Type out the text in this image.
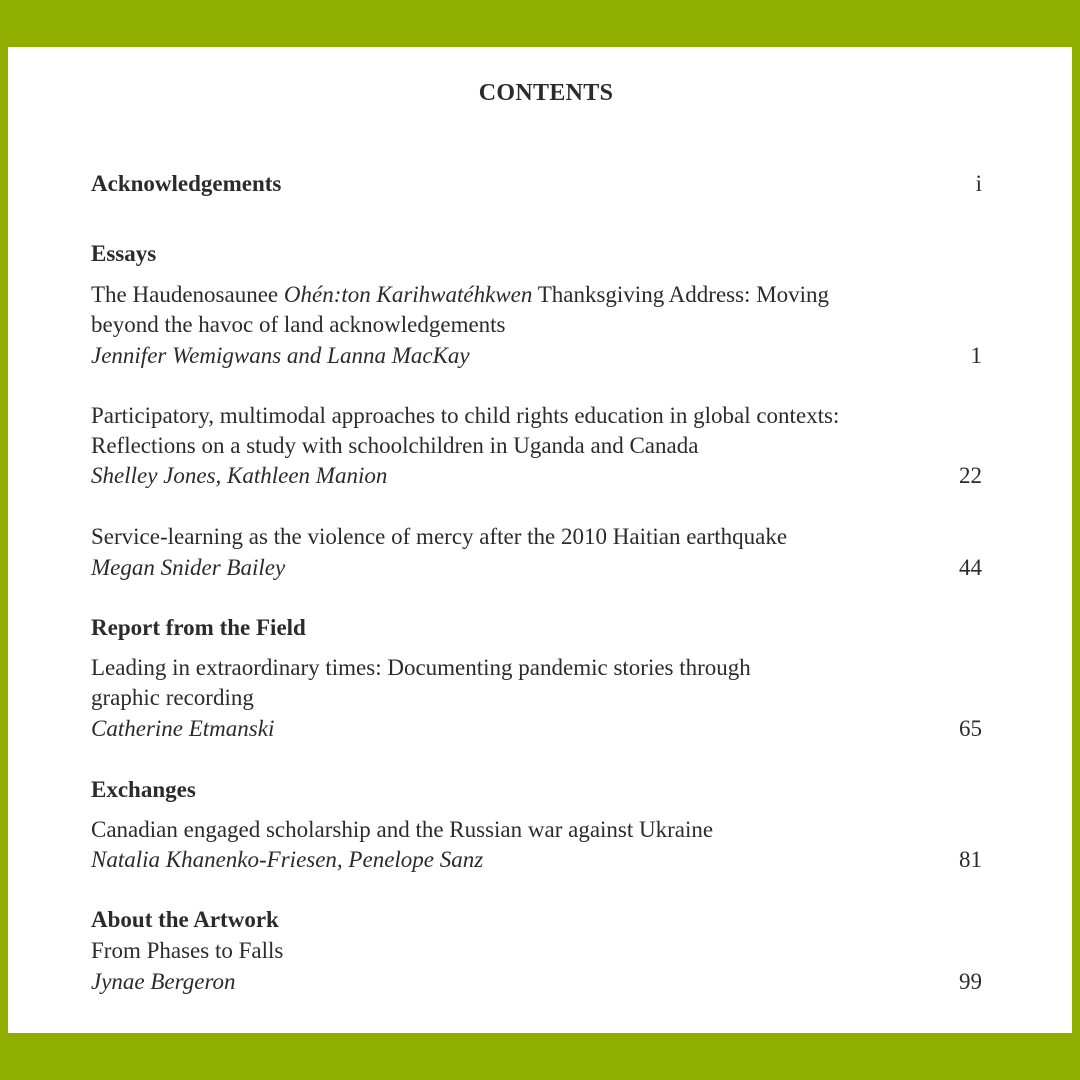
CONTENTS
Acknowledgements	i
Essays
The Haudenosaunee Ohén:ton Karihwatéhkwen Thanksgiving Address: Moving
beyond the havoc of land acknowledgements
Jennifer Wemigwans and Lanna MacKay	1
Participatory, multimodal approaches to child rights education in global contexts:
Reflections on a study with schoolchildren in Uganda and Canada
Shelley Jones, Kathleen Manion	22
Service-learning as the violence of mercy after the 2010 Haitian earthquake
Megan Snider Bailey	44
Report from the Field
Leading in extraordinary times: Documenting pandemic stories through
graphic recording
Catherine Etmanski	65
Exchanges
Canadian engaged scholarship and the Russian war against Ukraine
Natalia Khanenko-Friesen, Penelope Sanz	81
About the Artwork
From Phases to Falls
Jynae Bergeron	99
